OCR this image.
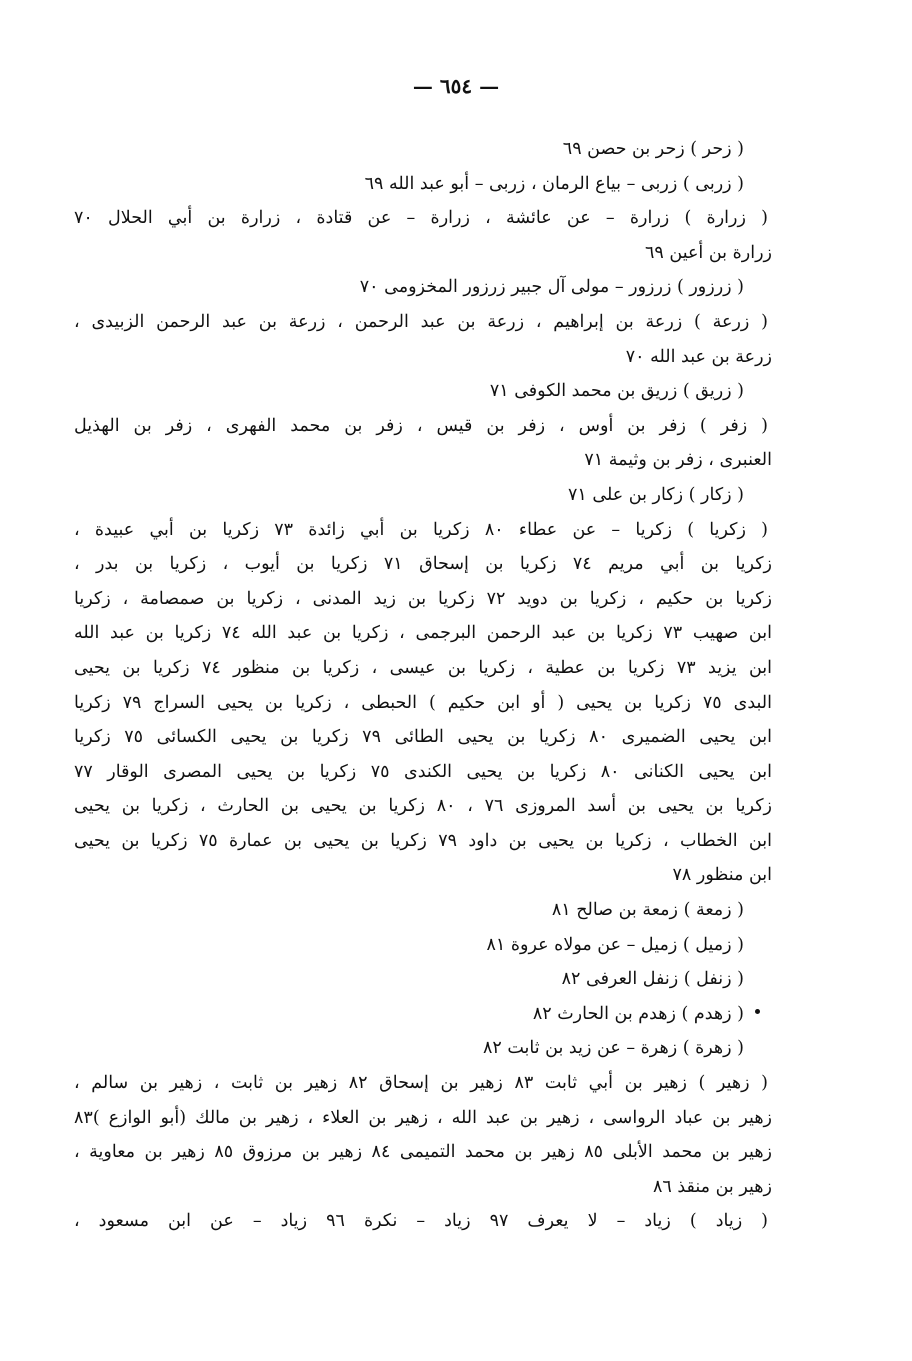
— ٦٥٤ —
( زحر ) زحر بن حصن ٦٩
( زربى ) زربى – بياع الرمان ، زربى – أبو عبد الله ٦٩
( زرارة ) زرارة – عن عائشة ، زرارة – عن قتادة ، زرارة بن أبي الحلال ٧٠
زرارة بن أعين ٦٩
( زرزور ) زرزور – مولى آل جبير زرزور المخزومى ٧٠
( زرعة ) زرعة بن إبراهيم ، زرعة بن عبد الرحمن ، زرعة بن عبد الرحمن الزبيدى ،
زرعة بن عبد الله ٧٠
( زريق ) زريق بن محمد الكوفى ٧١
( زفر ) زفر بن أوس ، زفر بن قيس ، زفر بن محمد الفهرى ، زفر بن الهذيل
العنبرى ، زفر بن وثيمة ٧١
( زكار ) زكار بن على ٧١
( زكريا ) زكريا – عن عطاء ٨٠ زكريا بن أبي زائدة ٧٣ زكريا بن أبي عبيدة ،
زكريا بن أبي مريم ٧٤ زكريا بن إسحاق ٧١ زكريا بن أيوب ، زكريا بن بدر ،
زكريا بن حكيم ، زكريا بن دويد ٧٢ زكريا بن زيد المدنى ، زكريا بن صمصامة ، زكريا
ابن صهيب ٧٣ زكريا بن عبد الرحمن البرجمى ، زكريا بن عبد الله ٧٤ زكريا بن عبد الله
ابن يزيد ٧٣ زكريا بن عطية ، زكريا بن عيسى ، زكريا بن منظور ٧٤ زكريا بن يحيى
البدى ٧٥ زكريا بن يحيى ( أو ابن حكيم ) الحبطى ، زكريا بن يحيى السراج ٧٩ زكريا
ابن يحيى الضميرى ٨٠ زكريا بن يحيى الطائى ٧٩ زكريا بن يحيى الكسائى ٧٥ زكريا
ابن يحيى الكنانى ٨٠ زكريا بن يحيى الكندى ٧٥ زكريا بن يحيى المصرى الوقار ٧٧
زكريا بن يحيى بن أسد المروزى ٧٦ ، ٨٠ زكريا بن يحيى بن الحارث ، زكريا بن يحيى
ابن الخطاب ، زكريا بن يحيى بن داود ٧٩ زكريا بن يحيى بن عمارة ٧٥ زكريا بن يحيى
ابن منظور ٧٨
( زمعة ) زمعة بن صالح ٨١
( زميل ) زميل – عن مولاه عروة ٨١
( زنفل ) زنفل العرفى ٨٢
( زهدم ) زهدم بن الحارث ٨٢
( زهرة ) زهرة – عن زيد بن ثابت ٨٢
( زهير ) زهير بن أبي ثابت ٨٣ زهير بن إسحاق ٨٢ زهير بن ثابت ، زهير بن سالم ،
زهير بن عباد الرواسى ، زهير بن عبد الله ، زهير بن العلاء ، زهير بن مالك (أبو الوازع )٨٣
زهير بن محمد الأبلى ٨٥ زهير بن محمد التميمى ٨٤ زهير بن مرزوق ٨٥ زهير بن معاوية ،
زهير بن منقذ ٨٦
( زياد ) زياد – لا يعرف ٩٧ زياد – نكرة ٩٦ زياد – عن ابن مسعود ،
